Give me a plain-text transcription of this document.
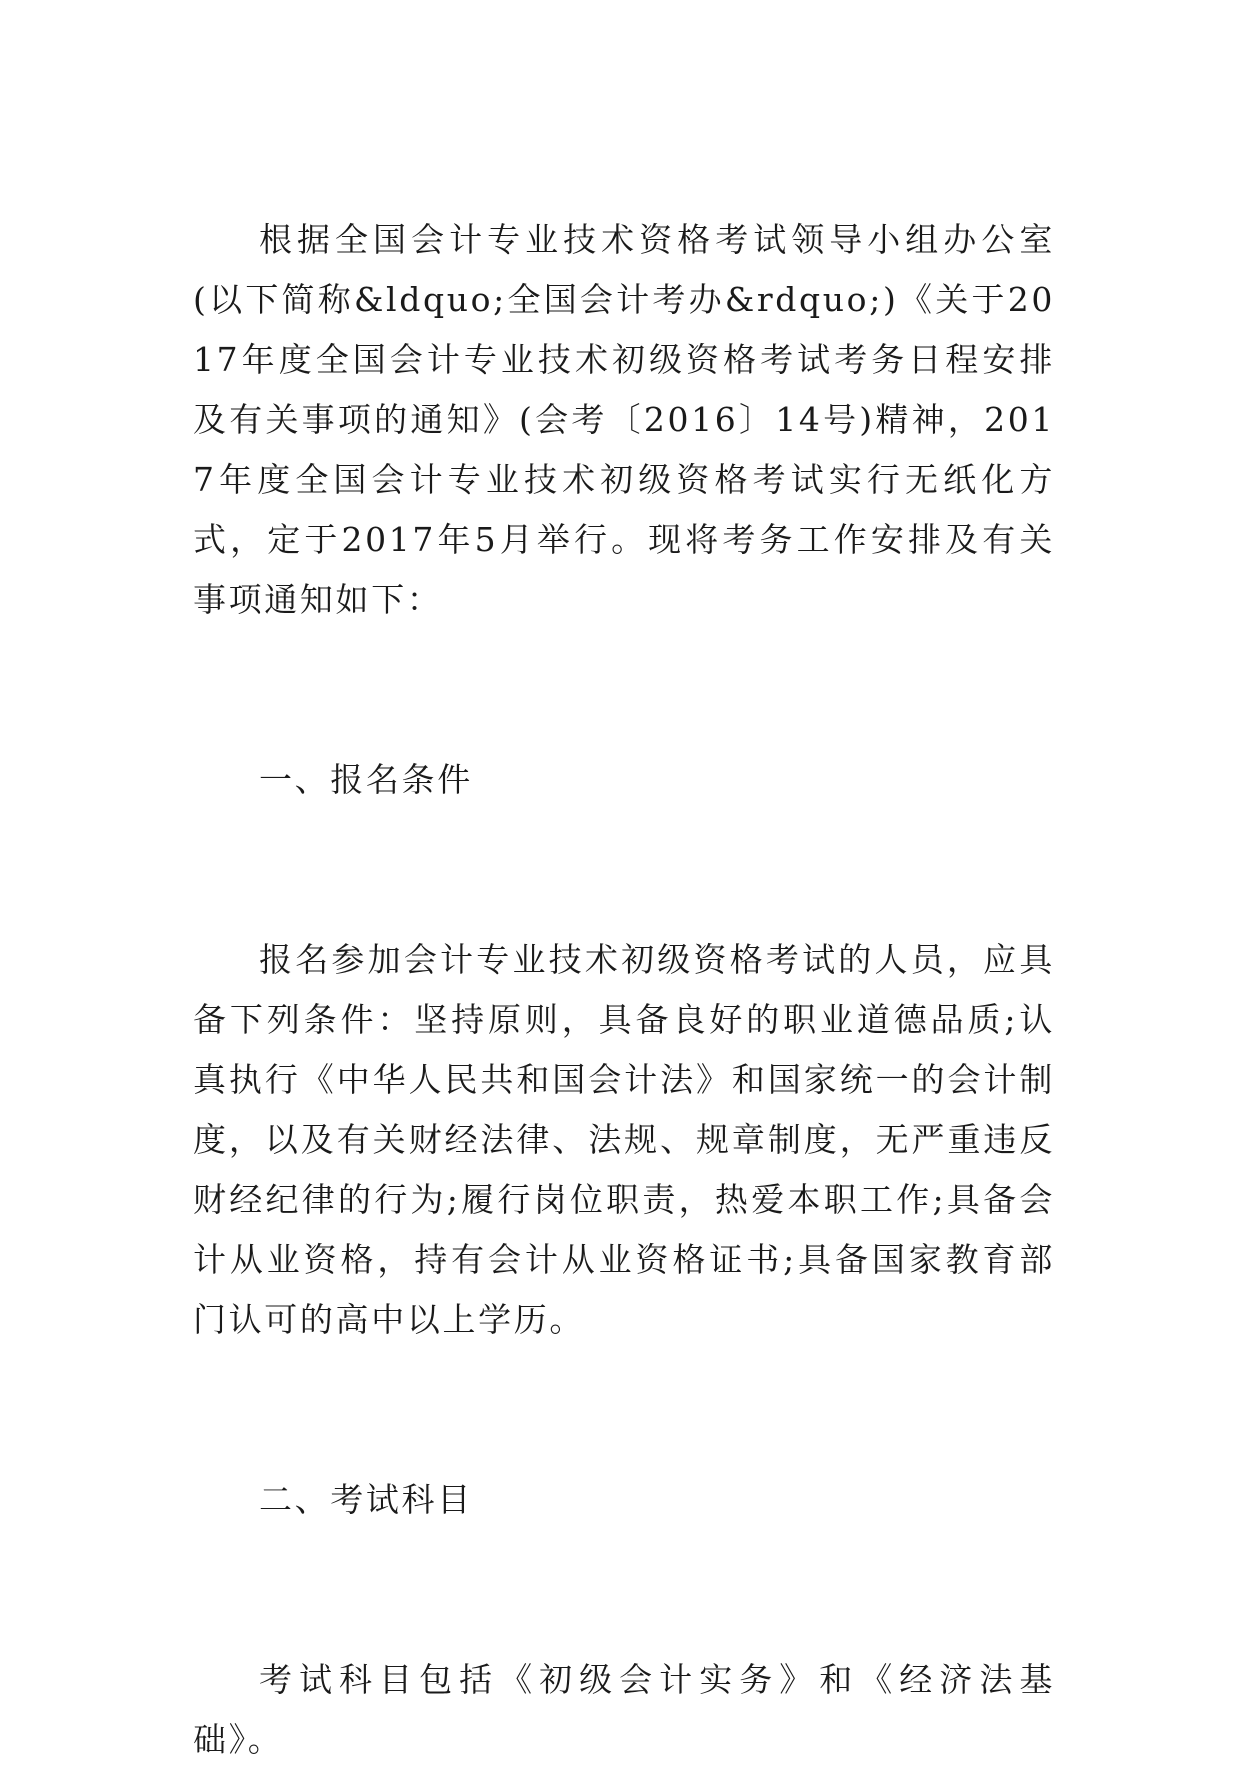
根据全国会计专业技术资格考试领导小组办公室(以下简称&ldquo;全国会计考办&rdquo;)《关于2017年度全国会计专业技术初级资格考试考务日程安排及有关事项的通知》(会考〔2016〕14号)精神，2017年度全国会计专业技术初级资格考试实行无纸化方式，定于2017年5月举行。现将考务工作安排及有关事项通知如下：

一、报名条件

报名参加会计专业技术初级资格考试的人员，应具备下列条件：坚持原则，具备良好的职业道德品质;认真执行《中华人民共和国会计法》和国家统一的会计制度，以及有关财经法律、法规、规章制度，无严重违反财经纪律的行为;履行岗位职责，热爱本职工作;具备会计从业资格，持有会计从业资格证书;具备国家教育部门认可的高中以上学历。

二、考试科目

考试科目包括《初级会计实务》和《经济法基础》。
